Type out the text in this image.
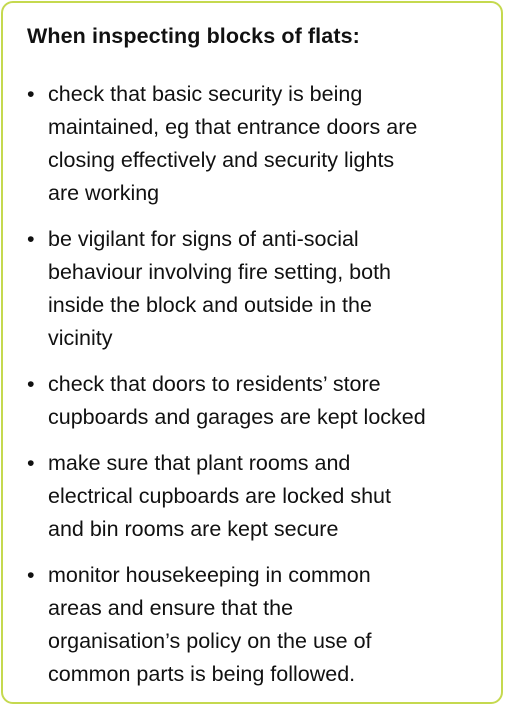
When inspecting blocks of flats:
• check that basic security is being
maintained, eg that entrance doors are
closing effectively and security lights
are working
• be vigilant for signs of anti-social
behaviour involving fire setting, both
inside the block and outside in the
vicinity
• check that doors to residents’ store
cupboards and garages are kept locked
• make sure that plant rooms and
electrical cupboards are locked shut
and bin rooms are kept secure
• monitor housekeeping in common
areas and ensure that the
organisation’s policy on the use of
common parts is being followed.
